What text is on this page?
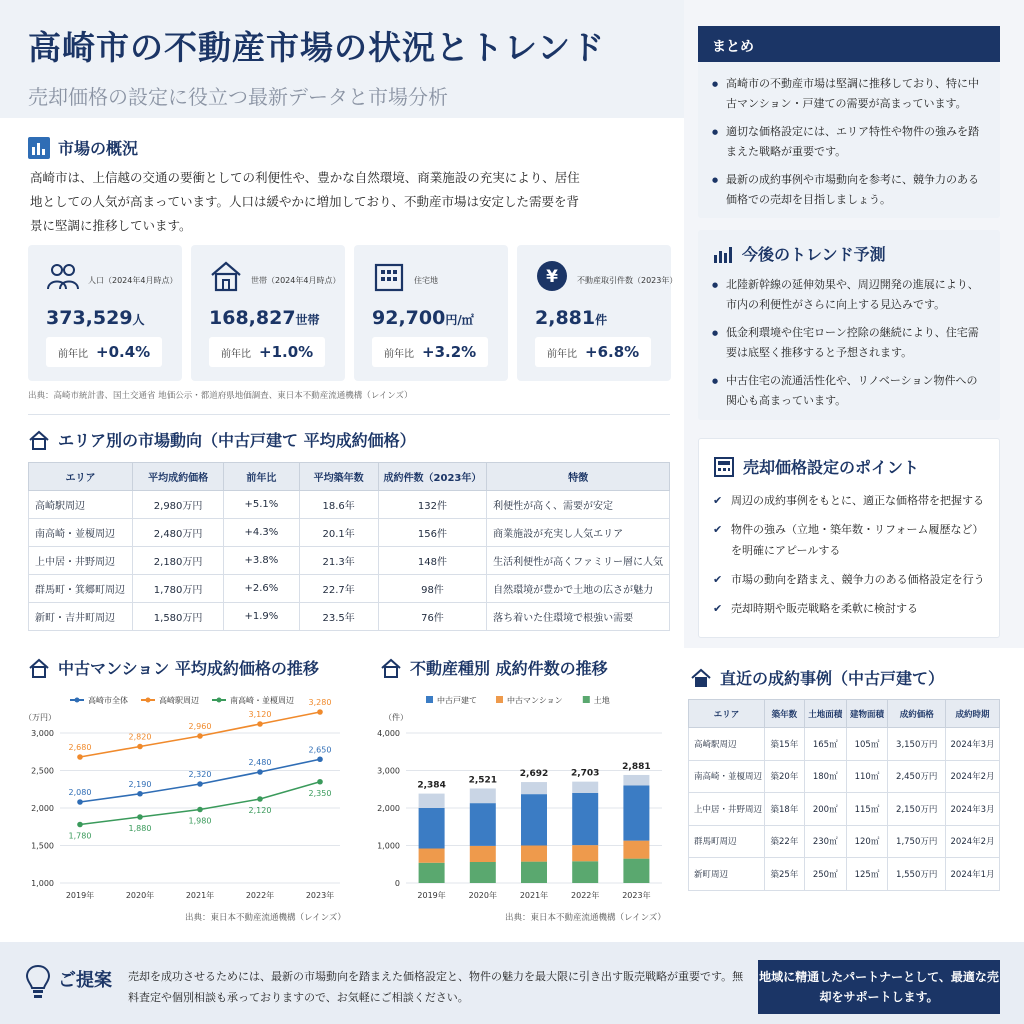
高崎市の不動産市場の状況とトレンド
売却価格の設定に役立つ最新データと市場分析
市場の概況
高崎市は、上信越の交通の要衝としての利便性や、豊かな自然環境、商業施設の充実により、居住地としての人気が高まっています。人口は緩やかに増加しており、不動産市場は安定した需要を背景に堅調に推移しています。
人口（2024年4月時点）
373,529人
前年比 +0.4%
世帯（2024年4月時点）
168,827世帯
前年比 +1.0%
住宅地
92,700円/㎡
前年比 +3.2%
¥ 不動産取引件数（2023年）
2,881件
前年比 +6.8%
出典：高崎市統計書、国土交通省 地価公示・都道府県地価調査、東日本不動産流通機構（レインズ）
エリア別の市場動向（中古戸建て 平均成約価格）
エリア	平均成約価格	前年比	平均築年数	成約件数（2023年）	特徴
高崎駅周辺	2,980万円	+5.1%	18.6年	132件	利便性が高く、需要が安定
南高崎・並榎周辺	2,480万円	+4.3%	20.1年	156件	商業施設が充実し人気エリア
上中居・井野周辺	2,180万円	+3.8%	21.3年	148件	生活利便性が高くファミリー層に人気
群馬町・箕郷町周辺	1,780万円	+2.6%	22.7年	98件	自然環境が豊かで土地の広さが魅力
新町・吉井町周辺	1,580万円	+1.9%	23.5年	76件	落ち着いた住環境で根強い需要
まとめ
● 高崎市の不動産市場は堅調に推移しており、特に中古マンション・戸建ての需要が高まっています。
● 適切な価格設定には、エリア特性や物件の強みを踏まえた戦略が重要です。
● 最新の成約事例や市場動向を参考に、競争力のある価格での売却を目指しましょう。
今後のトレンド予測
● 北陸新幹線の延伸効果や、周辺開発の進展により、市内の利便性がさらに向上する見込みです。
● 低金利環境や住宅ローン控除の継続により、住宅需要は底堅く推移すると予想されます。
● 中古住宅の流通活性化や、リノベーション物件への関心も高まっています。
売却価格設定のポイント
✔ 周辺の成約事例をもとに、適正な価格帯を把握する
✔ 物件の強み（立地・築年数・リフォーム履歴など）を明確にアピールする
✔ 市場の動向を踏まえ、競争力のある価格設定を行う
✔ 売却時期や販売戦略を柔軟に検討する
中古マンション 平均成約価格の推移
（万円）
高崎市全体	高崎駅周辺	南高崎・並榎周辺
1,000
1,500
2,000
2,500
3,000
2019年	2020年	2021年	2022年	2023年
2,080
2,190
2,320
2,480
2,650
2,680
2,820
2,960
3,120
3,280
1,780
1,880
1,980
2,120
2,350
出典：東日本不動産流通機構（レインズ）
不動産種別 成約件数の推移
（件）
中古戸建て	中古マンション	土地
0
1,000
2,000
3,000
4,000
2,384
2019年
2,521
2020年
2,692
2021年
2,703
2022年
2,881
2023年
出典：東日本不動産流通機構（レインズ）
直近の成約事例（中古戸建て）
エリア	築年数	土地面積	建物面積	成約価格	成約時期
高崎駅周辺	築15年	165㎡	105㎡	3,150万円	2024年3月
南高崎・並榎周辺	築20年	180㎡	110㎡	2,450万円	2024年2月
上中居・井野周辺	築18年	200㎡	115㎡	2,150万円	2024年3月
群馬町周辺	築22年	230㎡	120㎡	1,750万円	2024年2月
新町周辺	築25年	250㎡	125㎡	1,550万円	2024年1月
ご提案 売却を成功させるためには、最新の市場動向を踏まえた価格設定と、物件の魅力を最大限に引き出す販売戦略が重要です。無料査定や個別相談も承っておりますので、お気軽にご相談ください。
地域に精通したパートナーとして、最適な売却をサポートします。
